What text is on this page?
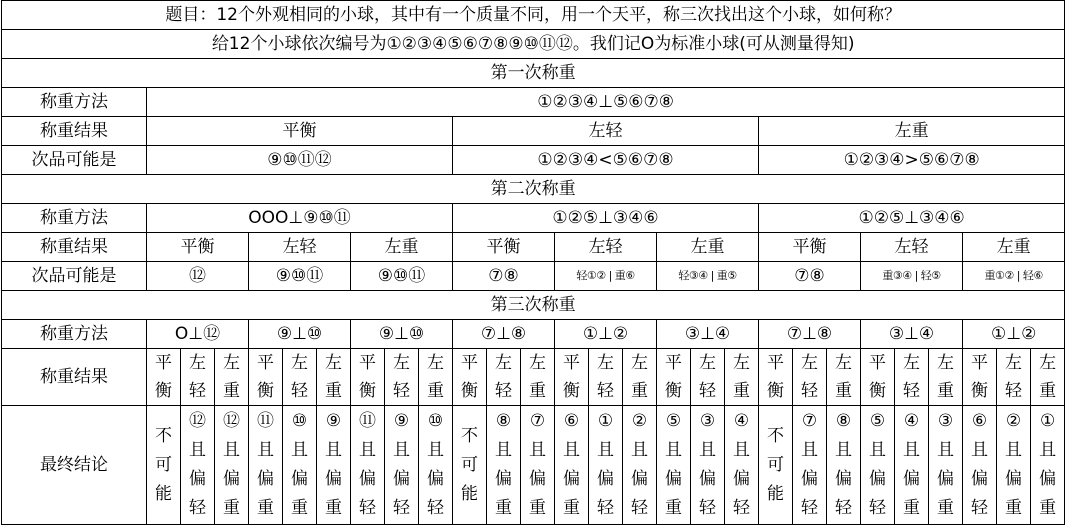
题目：12个外观相同的小球，其中有一个质量不同，用一个天平，称三次找出这个小球，如何称？																											
给12个小球依次编号为①②③④⑤⑥⑦⑧⑨⑩⑪⑫。我们记O为标准小球(可从测量得知)																											
第一次称重																											
称重方法	①②③④⊥⑤⑥⑦⑧																										
称重结果	平衡									左轻									左重								
次品可能是	⑨⑩⑪⑫									①②③④<⑤⑥⑦⑧									①②③④>⑤⑥⑦⑧								
第二次称重																											
称重方法	OOO⊥⑨⑩⑪									①②⑤⊥③④⑥									①②⑤⊥③④⑥								
称重结果	平衡			左轻			左重			平衡			左轻			左重			平衡			左轻			左重		
次品可能是	⑫			⑨⑩⑪			⑨⑩⑪			⑦⑧			轻①② | 重⑥			轻③④ | 重⑤			⑦⑧			重③④ | 轻⑤			重①② | 轻⑥		
第三次称重																											
称重方法	O⊥⑫			⑨⊥⑩			⑨⊥⑩			⑦⊥⑧			①⊥②			③⊥④			⑦⊥⑧			③⊥④			①⊥②		
称重结果	平
衡	左
轻	左
重	平
衡	左
轻	左
重	平
衡	左
轻	左
重	平
衡	左
轻	左
重	平
衡	左
轻	左
重	平
衡	左
轻	左
重	平
衡	左
轻	左
重	平
衡	左
轻	左
重	平
衡	左
轻	左
重
最终结论	不
可
能	⑫
且
偏
轻	⑫
且
偏
重	⑪
且
偏
重	⑩
且
偏
重	⑨
且
偏
重	⑪
且
偏
轻	⑨
且
偏
轻	⑩
且
偏
轻	不
可
能	⑧
且
偏
重	⑦
且
偏
重	⑥
且
偏
重	①
且
偏
轻	②
且
偏
轻	⑤
且
偏
重	③
且
偏
轻	④
且
偏
轻	不
可
能	⑦
且
偏
轻	⑧
且
偏
轻	⑤
且
偏
轻	④
且
偏
重	③
且
偏
重	⑥
且
偏
轻	②
且
偏
重	①
且
偏
重
